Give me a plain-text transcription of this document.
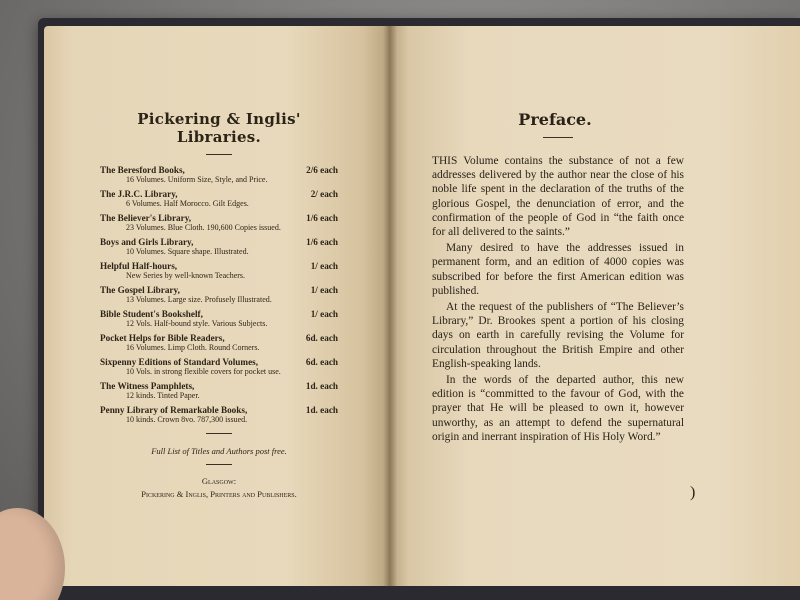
Pickering & Inglis' Libraries.
The Beresford Books,	2/6 each
16 Volumes. Uniform Size, Style, and Price.
The J.R.C. Library,	2/ each
6 Volumes. Half Morocco. Gilt Edges.
The Believer's Library,	1/6 each
23 Volumes. Blue Cloth. 190,600 Copies issued.
Boys and Girls Library,	1/6 each
10 Volumes. Square shape. Illustrated.
Helpful Half-hours,	1/ each
New Series by well-known Teachers.
The Gospel Library,	1/ each
13 Volumes. Large size. Profusely Illustrated.
Bible Student's Bookshelf,	1/ each
12 Vols. Half-bound style. Various Subjects.
Pocket Helps for Bible Readers,	6d. each
16 Volumes. Limp Cloth. Round Corners.
Sixpenny Editions of Standard Volumes,	6d. each
10 Vols. in strong flexible covers for pocket use.
The Witness Pamphlets,	1d. each
12 kinds. Tinted Paper.
Penny Library of Remarkable Books,	1d. each
10 kinds. Crown 8vo. 787,300 issued.
Full List of Titles and Authors post free.
Glasgow:
Pickering & Inglis, Printers and Publishers.
Preface.

THIS Volume contains the substance of not a few addresses delivered by the author near the close of his noble life spent in the declaration of the truths of the glorious Gospel, the denunciation of error, and the confirmation of the people of God in “the faith once for all delivered to the saints.”

Many desired to have the addresses issued in permanent form, and an edition of 4000 copies was subscribed for before the first American edition was published.

At the request of the publishers of “The Believer’s Library,” Dr. Brookes spent a portion of his closing days on earth in carefully revising the Volume for circulation throughout the British Empire and other English-speaking lands.

In the words of the departed author, this new edition is “committed to the favour of God, with the prayer that He will be pleased to own it, however unworthy, as an attempt to defend the supernatural origin and inerrant inspiration of His Holy Word.”

)
